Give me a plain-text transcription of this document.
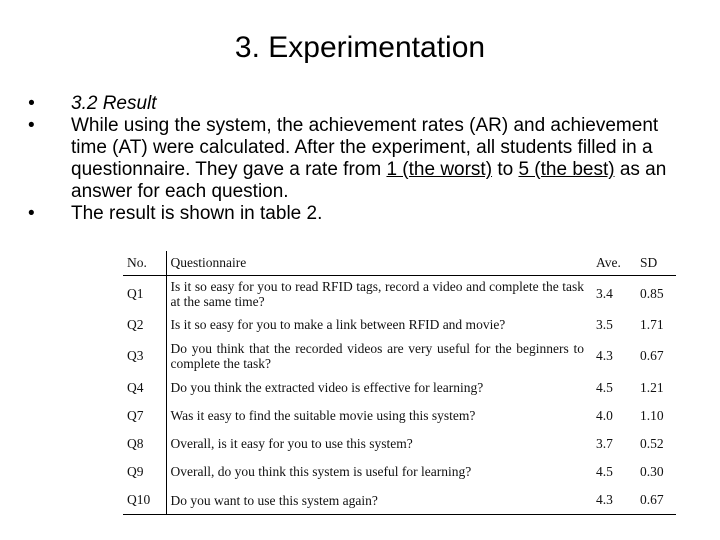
3. Experimentation
• 3.2 Result
• While using the system, the achievement rates (AR) and achievement time (AT) were calculated. After the experiment, all students filled in a questionnaire. They gave a rate from 1 (the worst) to 5 (the best) as an answer for each question.
• The result is shown in table 2.
No.	Questionnaire	Ave.	SD
Q1	Is it so easy for you to read RFID tags, record a video and complete the task at the same time?	3.4	0.85
Q2	Is it so easy for you to make a link between RFID and movie?	3.5	1.71
Q3	Do you think that the recorded videos are very useful for the beginners to complete the task?	4.3	0.67
Q4	Do you think the extracted video is effective for learning?	4.5	1.21
Q7	Was it easy to find the suitable movie using this system?	4.0	1.10
Q8	Overall, is it easy for you to use this system?	3.7	0.52
Q9	Overall, do you think this system is useful for learning?	4.5	0.30
Q10	Do you want to use this system again?	4.3	0.67
